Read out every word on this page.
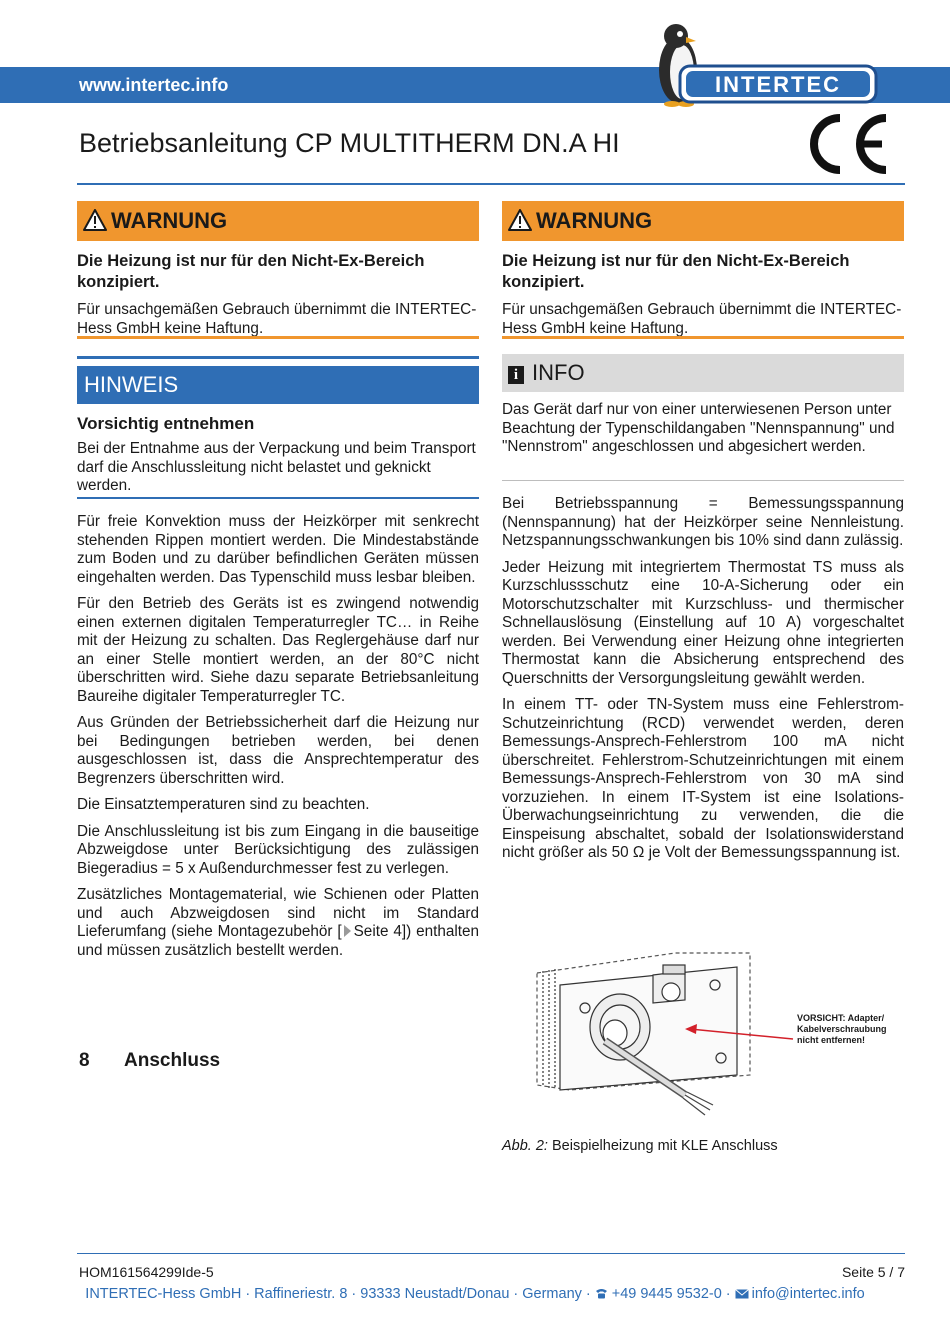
www.intertec.info	INTERTEC
Betriebsanleitung CP MULTITHERM DN.A HI
WARNUNG
Die Heizung ist nur für den Nicht-Ex-Bereich konzipiert.
Für unsachgemäßen Gebrauch übernimmt die INTERTEC-Hess GmbH keine Haftung.
HINWEIS
Vorsichtig entnehmen
Bei der Entnahme aus der Verpackung und beim Transport darf die Anschlussleitung nicht belastet und geknickt werden.
Für freie Konvektion muss der Heizkörper mit senkrecht stehenden Rippen montiert werden. Die Mindestabstände zum Boden und zu darüber befindlichen Geräten müssen eingehalten werden. Das Typenschild muss lesbar bleiben.
Für den Betrieb des Geräts ist es zwingend notwendig einen externen digitalen Temperaturregler TC… in Reihe mit der Heizung zu schalten. Das Reglergehäuse darf nur an einer Stelle montiert werden, an der 80°C nicht überschritten wird. Siehe dazu separate Betriebsanleitung Baureihe digitaler Temperaturregler TC.
Aus Gründen der Betriebssicherheit darf die Heizung nur bei Bedingungen betrieben werden, bei denen ausgeschlossen ist, dass die Ansprechtemperatur des Begrenzers überschritten wird.
Die Einsatztemperaturen sind zu beachten.
Die Anschlussleitung ist bis zum Eingang in die bauseitige Abzweigdose unter Berücksichtigung des zulässigen Biegeradius = 5 x Außendurchmesser fest zu verlegen.
Zusätzliches Montagematerial, wie Schienen oder Platten und auch Abzweigdosen sind nicht im Standard Lieferumfang (siehe Montagezubehör [ Seite 4]) enthalten und müssen zusätzlich bestellt werden.
8 Anschluss
WARNUNG
Die Heizung ist nur für den Nicht-Ex-Bereich konzipiert.
Für unsachgemäßen Gebrauch übernimmt die INTERTEC-Hess GmbH keine Haftung.
i INFO
Das Gerät darf nur von einer unterwiesenen Person unter Beachtung der Typenschildangaben "Nennspannung" und "Nennstrom" angeschlossen und abgesichert werden.
Bei Betriebsspannung = Bemessungsspannung (Nennspannung) hat der Heizkörper seine Nennleistung. Netzspannungsschwankungen bis 10% sind dann zulässig.
Jeder Heizung mit integriertem Thermostat TS muss als Kurzschlussschutz eine 10-A-Sicherung oder ein Motorschutzschalter mit Kurzschluss- und thermischer Schnellauslösung (Einstellung auf 10 A) vorgeschaltet werden. Bei Verwendung einer Heizung ohne integrierten Thermostat kann die Absicherung entsprechend des Querschnitts der Versorgungsleitung gewählt werden.
In einem TT- oder TN-System muss eine Fehlerstrom-Schutzeinrichtung (RCD) verwendet werden, deren Bemessungs-Ansprech-Fehlerstrom 100 mA nicht überschreitet. Fehlerstrom-Schutzeinrichtungen mit einem Bemessungs-Ansprech-Fehlerstrom von 30 mA sind vorzuziehen. In einem IT-System ist eine Isolations-Überwachungseinrichtung zu verwenden, die die Einspeisung abschaltet, sobald der Isolationswiderstand nicht größer als 50 Ω je Volt der Bemessungsspannung ist.
VORSICHT: Adapter/
Kabelverschraubung
nicht entfernen!
Abb. 2: Beispielheizung mit KLE Anschluss
HOM161564299Ide-5	Seite 5 / 7
INTERTEC-Hess GmbH · Raffineriestr. 8 · 93333 Neustadt/Donau · Germany · +49 9445 9532-0 · info@intertec.info
